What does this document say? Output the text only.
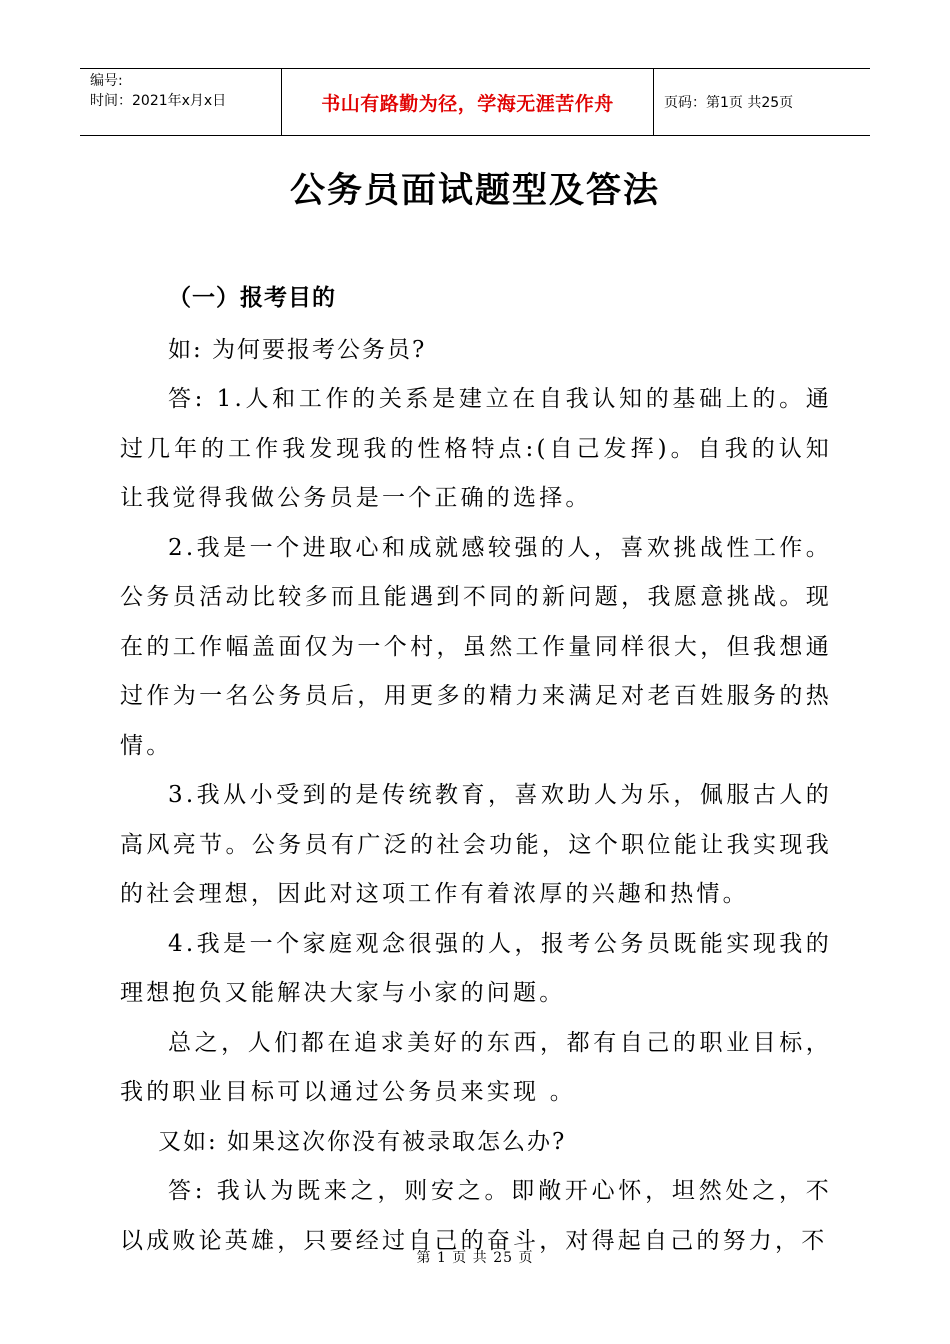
编号:
时间：2021年x月x日	书山有路勤为径，学海无涯苦作舟	页码：第1页 共25页
公务员面试题型及答法

（一）报考目的

如: 为何要报考公务员?

答: 1.人和工作的关系是建立在自我认知的基础上的。通过几年的工作我发现我的性格特点:(自己发挥)。自我的认知让我觉得我做公务员是一个正确的选择。

2.我是一个进取心和成就感较强的人，喜欢挑战性工作。公务员活动比较多而且能遇到不同的新问题，我愿意挑战。现在的工作幅盖面仅为一个村，虽然工作量同样很大，但我想通过作为一名公务员后，用更多的精力来满足对老百姓服务的热情。

3.我从小受到的是传统教育，喜欢助人为乐，佩服古人的高风亮节。公务员有广泛的社会功能，这个职位能让我实现我的社会理想，因此对这项工作有着浓厚的兴趣和热情。

4.我是一个家庭观念很强的人，报考公务员既能实现我的理想抱负又能解决大家与小家的问题。

总之，人们都在追求美好的东西，都有自己的职业目标，我的职业目标可以通过公务员来实现 。

又如: 如果这次你没有被录取怎么办?

答: 我认为既来之，则安之。即敞开心怀，坦然处之，不以成败论英雄，只要经过自己的奋斗，对得起自己的努力，不

第 1 页 共 25 页
